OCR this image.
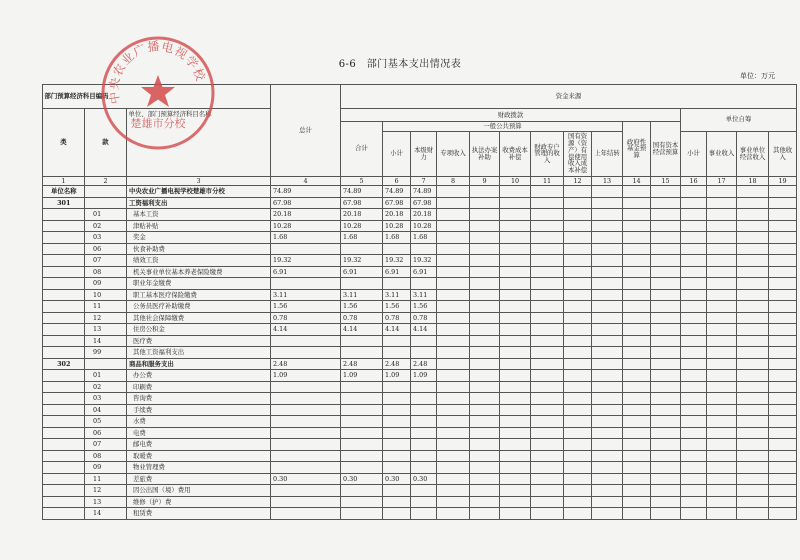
6-6　部门基本支出情况表
单位：万元
部门预算经济科目编码			总计	资金来源														
类	款	单位、部门预算经济科目名称		财政拨款											单位自筹			
				合计	一般公共预算								政府性基金预算	国有资本经营预算				
					小计	本级财力	专项收入	执法办案补助	收费成本补偿	财政专户管理的收入	国有资源（资产）有偿使用收入成本补偿	上年结转			小计	事业收入	事业单位经营收入	其他收入
1	2	3	4	5	6	7	8	9	10	11	12	13	14	15	16	17	18	19
单位名称		中央农业广播电视学校楚雄市分校	74.89	74.89	74.89	74.89												
301		工资福利支出	67.98	67.98	67.98	67.98												
	01	基本工资	20.18	20.18	20.18	20.18												
	02	津贴补贴	10.28	10.28	10.28	10.28												
	03	奖金	1.68	1.68	1.68	1.68												
	06	伙食补助费																
	07	绩效工资	19.32	19.32	19.32	19.32												
	08	机关事业单位基本养老保险缴费	6.91	6.91	6.91	6.91												
	09	职业年金缴费																
	10	职工基本医疗保险缴费	3.11	3.11	3.11	3.11												
	11	公务员医疗补助缴费	1.56	1.56	1.56	1.56												
	12	其他社会保障缴费	0.78	0.78	0.78	0.78												
	13	住房公积金	4.14	4.14	4.14	4.14												
	14	医疗费																
	99	其他工资福利支出																
302		商品和服务支出	2.48	2.48	2.48	2.48												
	01	办公费	1.09	1.09	1.09	1.09												
	02	印刷费																
	03	咨询费																
	04	手续费																
	05	水费																
	06	电费																
	07	邮电费																
	08	取暖费																
	09	物业管理费																
	11	差旅费	0.30	0.30	0.30	0.30												
	12	因公出国（境）费用																
	13	维修（护）费																
	14	租赁费																
中央农业广播电视学校
楚雄市分校
